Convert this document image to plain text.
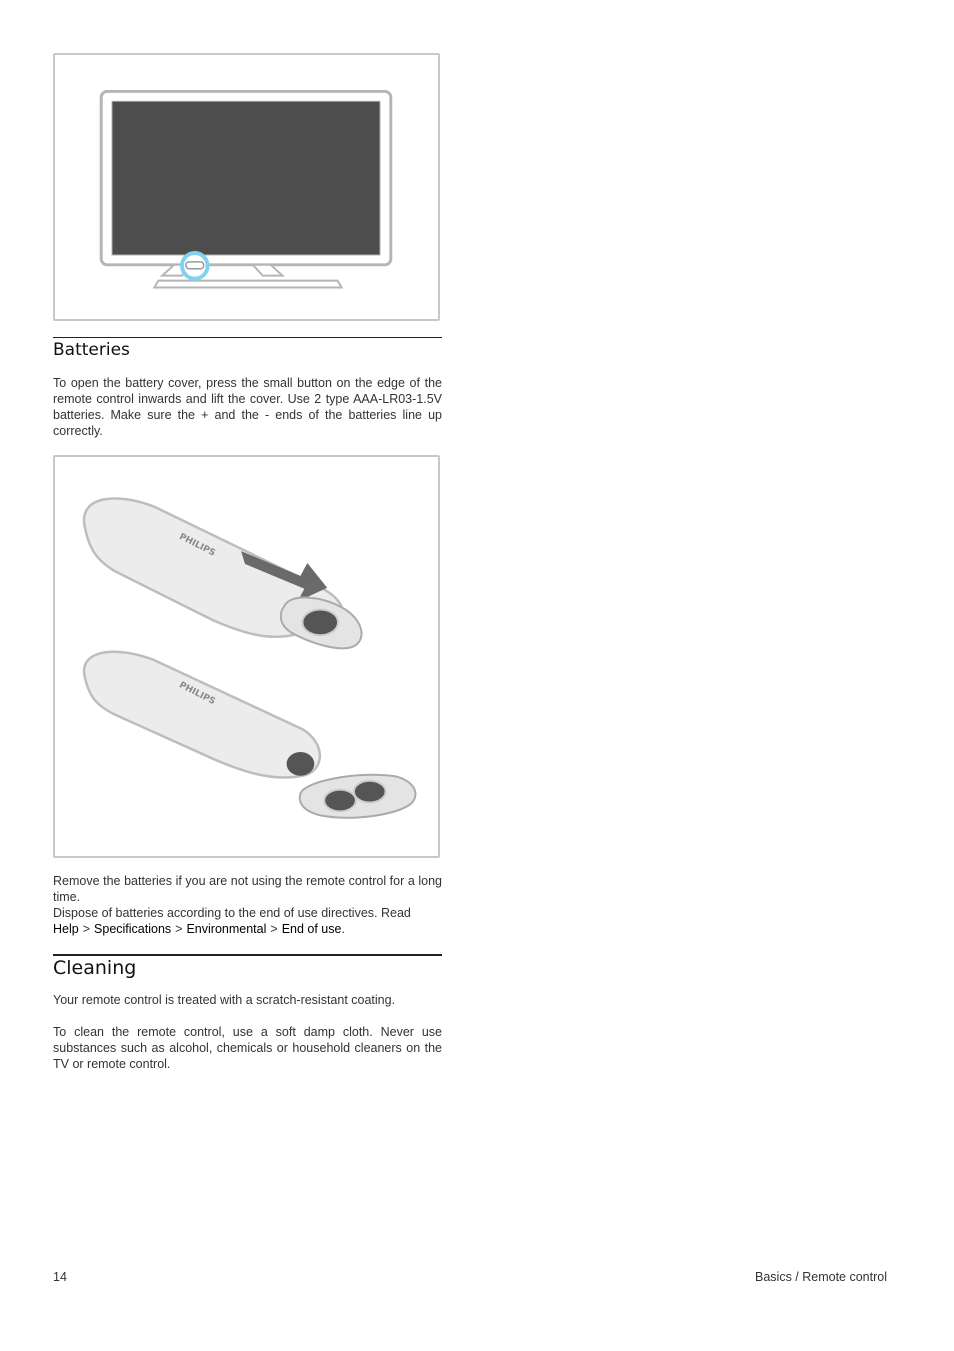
Batteries

To open the battery cover, press the small button on the edge of the remote control inwards and lift the cover. Use 2 type AAA-LR03-1.5V batteries. Make sure the + and the - ends of the batteries line up correctly.

PHILIPS
PHILIPS

Remove the batteries if you are not using the remote control for a long time.

Dispose of batteries according to the end of use directives. Read
Help > Specifications > Environmental > End of use.

Cleaning

Your remote control is treated with a scratch-resistant coating.

To clean the remote control, use a soft damp cloth. Never use substances such as alcohol, chemicals or household cleaners on the TV or remote control.

14	Basics / Remote control
